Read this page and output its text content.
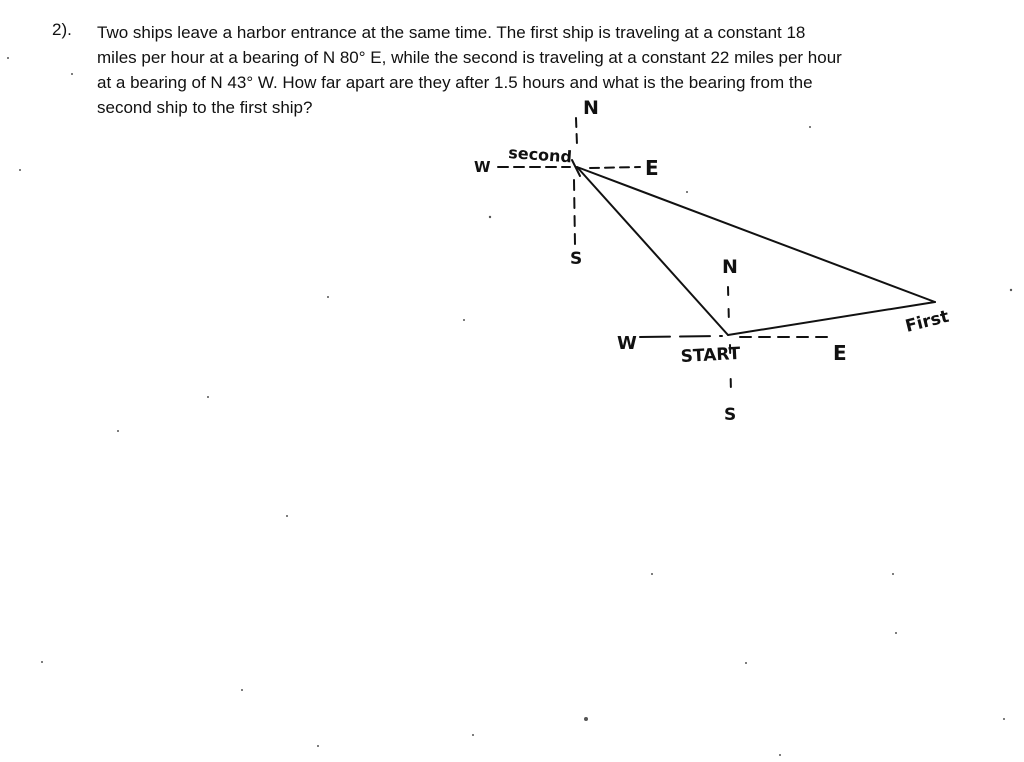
2). Two ships leave a harbor entrance at the same time. The first ship is traveling at a constant 18
miles per hour at a bearing of N 80° E, while the second is traveling at a constant 22 miles per hour
at a bearing of N 43° W. How far apart are they after 1.5 hours and what is the bearing from the
second ship to the first ship?	N
W
second
E
S	N
W
START	E
S
First
